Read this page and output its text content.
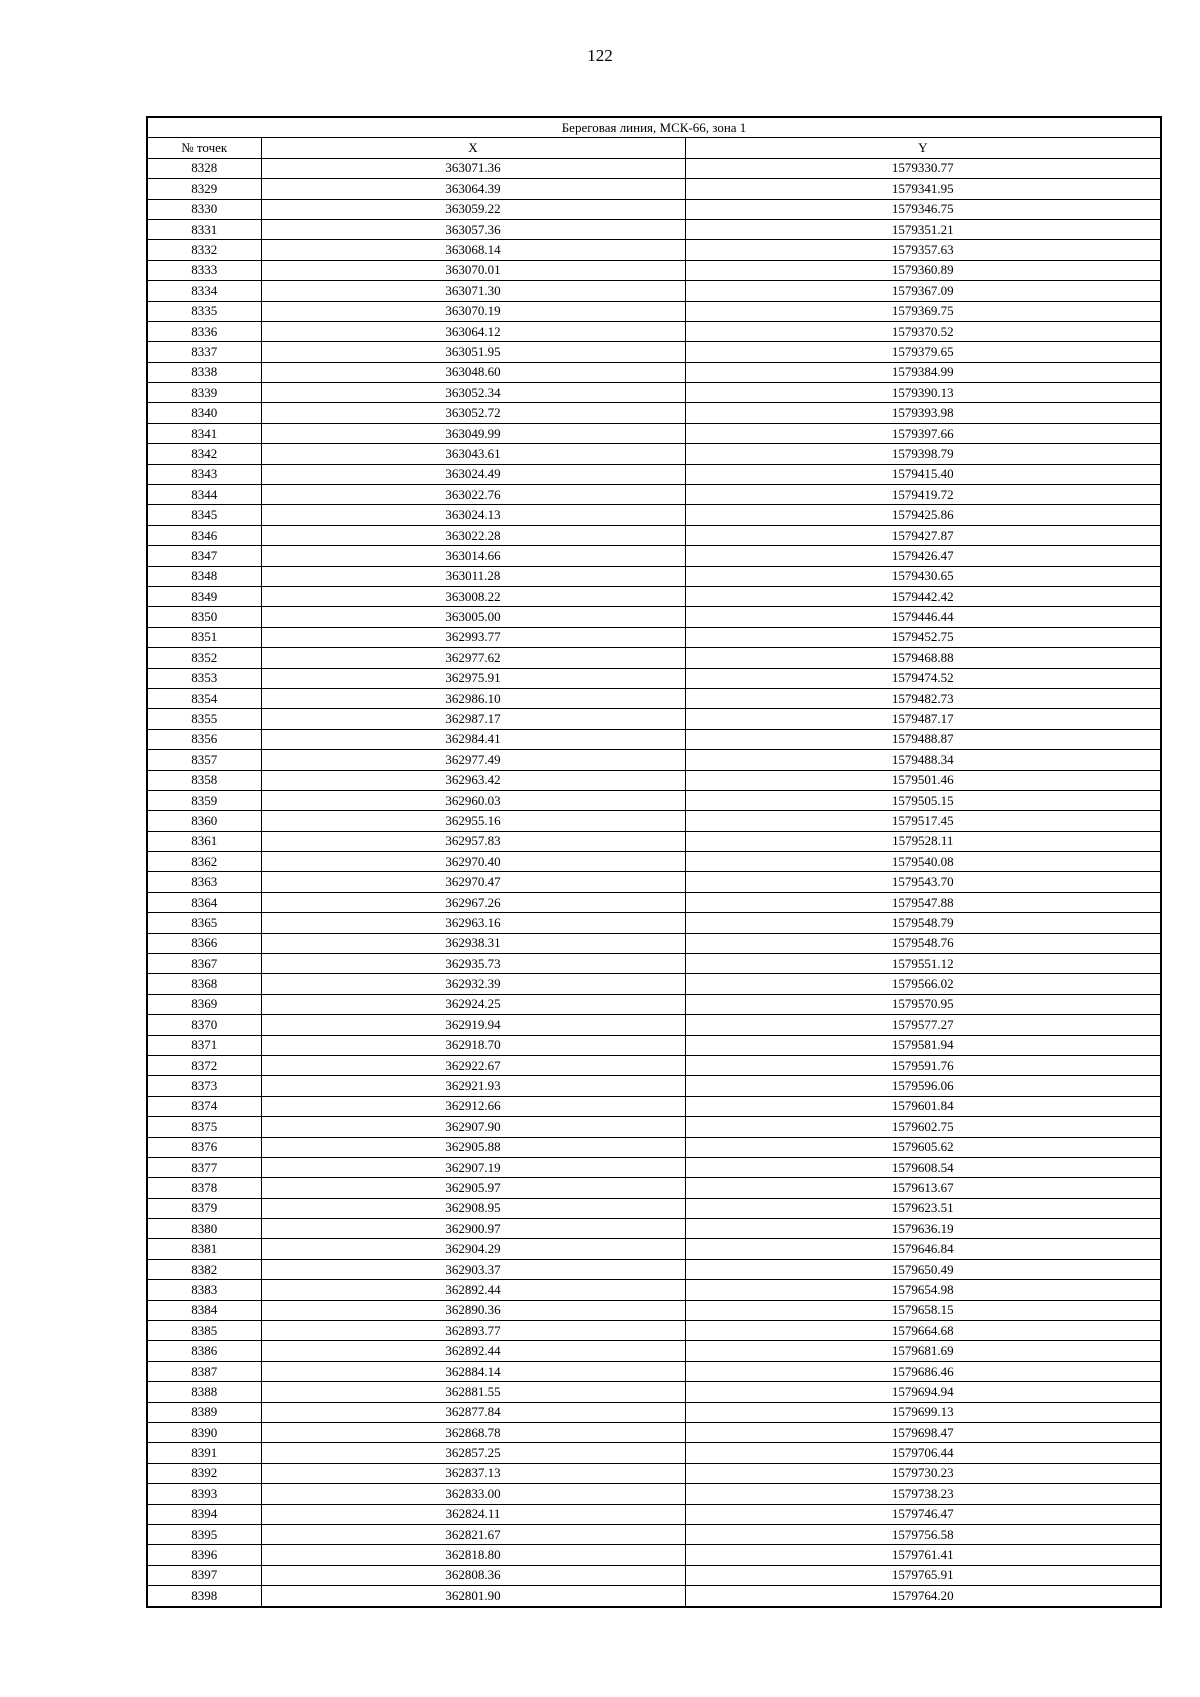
122
Береговая линия, МСК-66, зона 1		
№ точек	X	Y
8328	363071.36	1579330.77
8329	363064.39	1579341.95
8330	363059.22	1579346.75
8331	363057.36	1579351.21
8332	363068.14	1579357.63
8333	363070.01	1579360.89
8334	363071.30	1579367.09
8335	363070.19	1579369.75
8336	363064.12	1579370.52
8337	363051.95	1579379.65
8338	363048.60	1579384.99
8339	363052.34	1579390.13
8340	363052.72	1579393.98
8341	363049.99	1579397.66
8342	363043.61	1579398.79
8343	363024.49	1579415.40
8344	363022.76	1579419.72
8345	363024.13	1579425.86
8346	363022.28	1579427.87
8347	363014.66	1579426.47
8348	363011.28	1579430.65
8349	363008.22	1579442.42
8350	363005.00	1579446.44
8351	362993.77	1579452.75
8352	362977.62	1579468.88
8353	362975.91	1579474.52
8354	362986.10	1579482.73
8355	362987.17	1579487.17
8356	362984.41	1579488.87
8357	362977.49	1579488.34
8358	362963.42	1579501.46
8359	362960.03	1579505.15
8360	362955.16	1579517.45
8361	362957.83	1579528.11
8362	362970.40	1579540.08
8363	362970.47	1579543.70
8364	362967.26	1579547.88
8365	362963.16	1579548.79
8366	362938.31	1579548.76
8367	362935.73	1579551.12
8368	362932.39	1579566.02
8369	362924.25	1579570.95
8370	362919.94	1579577.27
8371	362918.70	1579581.94
8372	362922.67	1579591.76
8373	362921.93	1579596.06
8374	362912.66	1579601.84
8375	362907.90	1579602.75
8376	362905.88	1579605.62
8377	362907.19	1579608.54
8378	362905.97	1579613.67
8379	362908.95	1579623.51
8380	362900.97	1579636.19
8381	362904.29	1579646.84
8382	362903.37	1579650.49
8383	362892.44	1579654.98
8384	362890.36	1579658.15
8385	362893.77	1579664.68
8386	362892.44	1579681.69
8387	362884.14	1579686.46
8388	362881.55	1579694.94
8389	362877.84	1579699.13
8390	362868.78	1579698.47
8391	362857.25	1579706.44
8392	362837.13	1579730.23
8393	362833.00	1579738.23
8394	362824.11	1579746.47
8395	362821.67	1579756.58
8396	362818.80	1579761.41
8397	362808.36	1579765.91
8398	362801.90	1579764.20
